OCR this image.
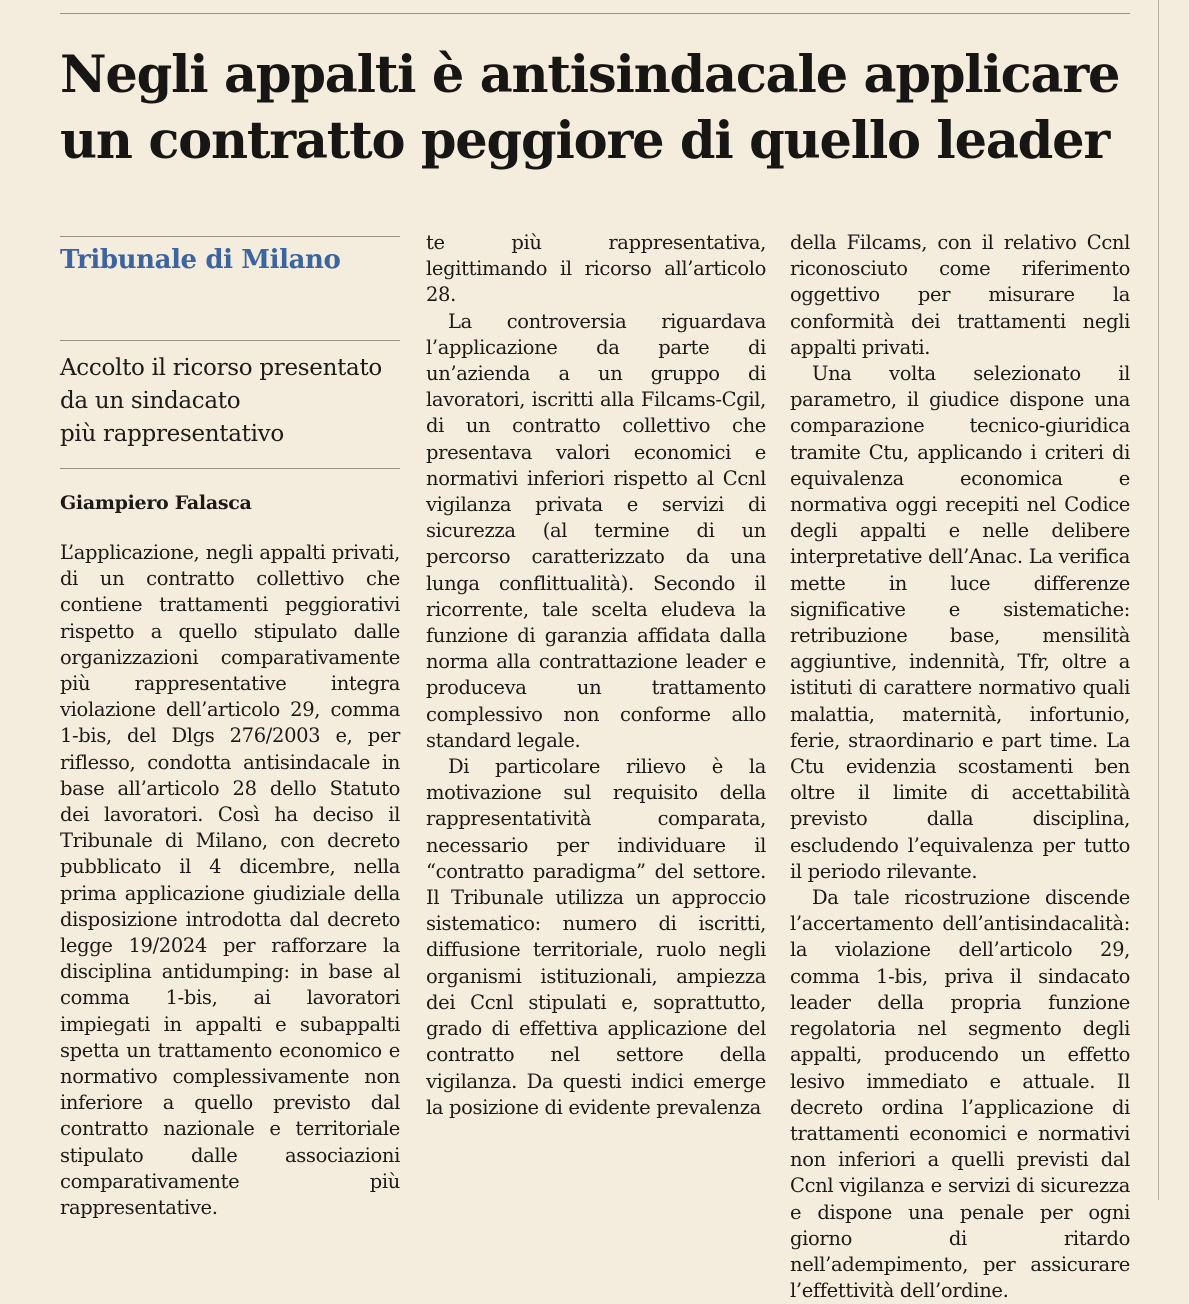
Negli appalti è antisindacale applicare un contratto peggiore di quello leader
Tribunale di Milano
Accolto il ricorso presentato
da un sindacato
più rappresentativo
Giampiero Falasca

L’applicazione, negli appalti privati, di un contratto collettivo che contiene trattamenti peggiorativi rispetto a quello stipulato dalle organizzazioni comparativamente più rappresentative integra violazione dell’articolo 29, comma 1-bis, del Dlgs 276/2003 e, per riflesso, condotta antisindacale in base all’articolo 28 dello Statuto dei lavoratori. Così ha deciso il Tribunale di Milano, con decreto pubblicato il 4 dicembre, nella prima applicazione giudiziale della disposizione introdotta dal decreto legge 19/2024 per rafforzare la disciplina antidumping: in base al comma 1-bis, ai lavoratori impiegati in appalti e subappalti spetta un trattamento economico e normativo complessivamente non inferiore a quello previsto dal contratto nazionale e territoriale stipulato dalle associazioni comparativamente più rappresentative.

te più rappresentativa, legittimando il ricorso all’articolo 28.

La controversia riguardava l’applicazione da parte di un’azienda a un gruppo di lavoratori, iscritti alla Filcams-Cgil, di un contratto collettivo che presentava valori economici e normativi inferiori rispetto al Ccnl vigilanza privata e servizi di sicurezza (al termine di un percorso caratterizzato da una lunga conflittualità). Secondo il ricorrente, tale scelta eludeva la funzione di garanzia affidata dalla norma alla contrattazione leader e produceva un trattamento complessivo non conforme allo standard legale.

Di particolare rilievo è la motivazione sul requisito della rappresentatività comparata, necessario per individuare il “contratto paradigma” del settore. Il Tribunale utilizza un approccio sistematico: numero di iscritti, diffusione territoriale, ruolo negli organismi istituzionali, ampiezza dei Ccnl stipulati e, soprattutto, grado di effettiva applicazione del contratto nel settore della vigilanza. Da questi indici emerge la posizione di evidente prevalenza

della Filcams, con il relativo Ccnl riconosciuto come riferimento oggettivo per misurare la conformità dei trattamenti negli appalti privati.

Una volta selezionato il parametro, il giudice dispone una comparazione tecnico-giuridica tramite Ctu, applicando i criteri di equivalenza economica e normativa oggi recepiti nel Codice degli appalti e nelle delibere interpretative dell’Anac. La verifica mette in luce differenze significative e sistematiche: retribuzione base, mensilità aggiuntive, indennità, Tfr, oltre a istituti di carattere normativo quali malattia, maternità, infortunio, ferie, straordinario e part time. La Ctu evidenzia scostamenti ben oltre il limite di accettabilità previsto dalla disciplina, escludendo l’equivalenza per tutto il periodo rilevante.

Da tale ricostruzione discende l’accertamento dell’antisindacalità: la violazione dell’articolo 29, comma 1-bis, priva il sindacato leader della propria funzione regolatoria nel segmento degli appalti, producendo un effetto lesivo immediato e attuale. Il decreto ordina l’applicazione di trattamenti economici e normativi non inferiori a quelli previsti dal Ccnl vigilanza e servizi di sicurezza e dispone una penale per ogni giorno di ritardo nell’adempimento, per assicurare l’effettività dell’ordine.
